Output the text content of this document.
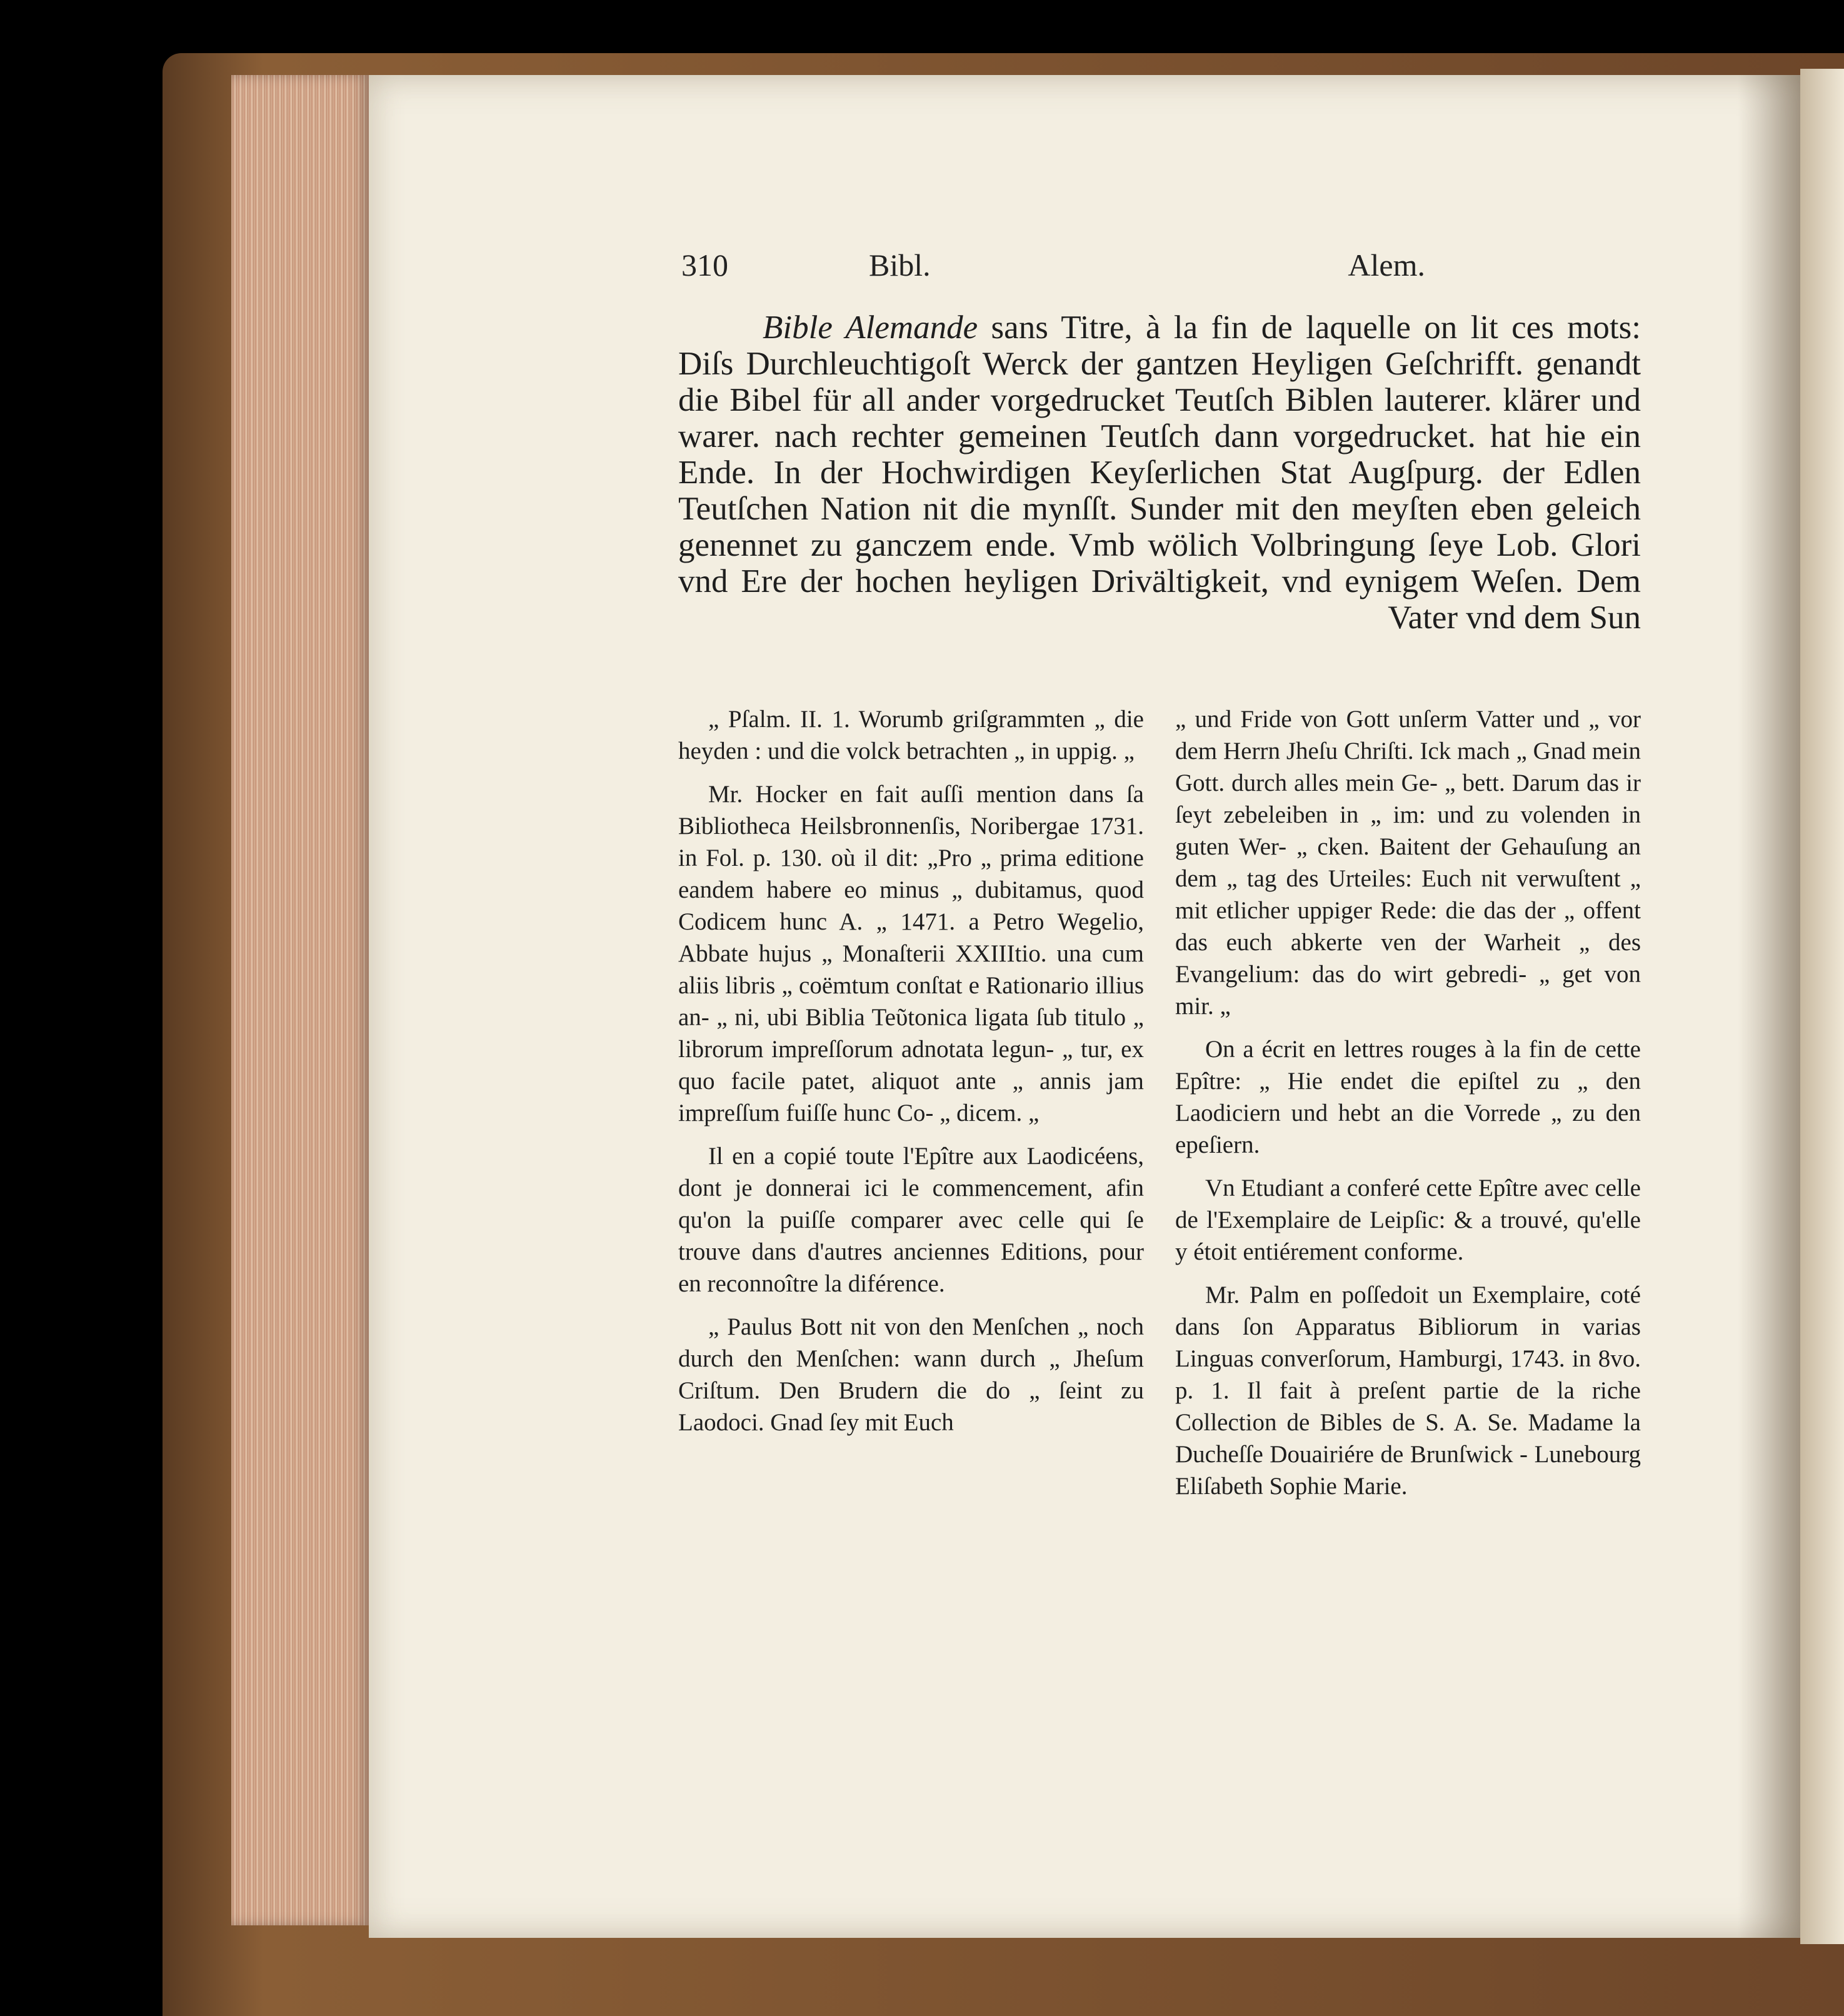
310	Bibl.	Alem.
Bible Alemande sans Titre, à la fin de laquelle on lit ces mots: Diſs Durchleuchtigoſt Werck der gantzen Heyligen Geſchrifft. genandt die Bibel für all ander vorgedrucket Teutſch Biblen lauterer. klärer und warer. nach rechter gemeinen Teutſch dann vorgedrucket. hat hie ein Ende. In der Hochwirdigen Keyſerlichen Stat Augſpurg. der Edlen Teutſchen Nation nit die mynſſt. Sunder mit den meyſten eben geleich genennet zu ganczem ende. Vmb wölich Volbringung ſeye Lob. Glori vnd Ere der hochen heyligen Drivältigkeit, vnd eynigem Weſen. Dem Vater vnd dem Sun

„ Pſalm. II. 1. Worumb griſgrammten „ die heyden : und die volck betrachten „ in uppig. „

Mr. Hocker en fait auſſi mention dans ſa Bibliotheca Heilsbronnenſis, Noribergae 1731. in Fol. p. 130. où il dit: „Pro „ prima editione eandem habere eo minus „ dubitamus, quod Codicem hunc A. „ 1471. a Petro Wegelio, Abbate hujus „ Monaſterii XXIIItio. una cum aliis libris „ coëmtum conſtat e Rationario illius an- „ ni, ubi Biblia Teῦtonica ligata ſub titulo „ librorum impreſſorum adnotata legun- „ tur, ex quo facile patet, aliquot ante „ annis jam impreſſum fuiſſe hunc Co- „ dicem. „

Il en a copié toute l'Epître aux Laodicéens, dont je donnerai ici le commencement, afin qu'on la puiſſe comparer avec celle qui ſe trouve dans d'autres anciennes Editions, pour en reconnoître la diférence.

„ Paulus Bott nit von den Menſchen „ noch durch den Menſchen: wann durch „ Jheſum Criſtum. Den Brudern die do „ ſeint zu Laodoci. Gnad ſey mit Euch

„ und Fride von Gott unſerm Vatter und „ vor dem Herrn Jheſu Chriſti. Ick mach „ Gnad mein Gott. durch alles mein Ge- „ bett. Darum das ir ſeyt zebeleiben in „ im: und zu volenden in guten Wer- „ cken. Baitent der Gehauſung an dem „ tag des Urteiles: Euch nit verwuſtent „ mit etlicher uppiger Rede: die das der „ offent das euch abkerte ven der Warheit „ des Evangelium: das do wirt gebredi- „ get von mir. „

On a écrit en lettres rouges à la fin de cette Epître: „ Hie endet die epiſtel zu „ den Laodiciern und hebt an die Vorrede „ zu den epeſiern.

Vn Etudiant a conferé cette Epître avec celle de l'Exemplaire de Leipſic: & a trouvé, qu'elle y étoit entiérement conforme.

Mr. Palm en poſſedoit un Exemplaire, coté dans ſon Apparatus Bibliorum in varias Linguas converſorum, Hamburgi, 1743. in 8vo. p. 1. Il fait à preſent partie de la riche Collection de Bibles de S. A. Se. Madame la Ducheſſe Douairiére de Brunſwick - Lunebourg Eliſabeth Sophie Marie.
